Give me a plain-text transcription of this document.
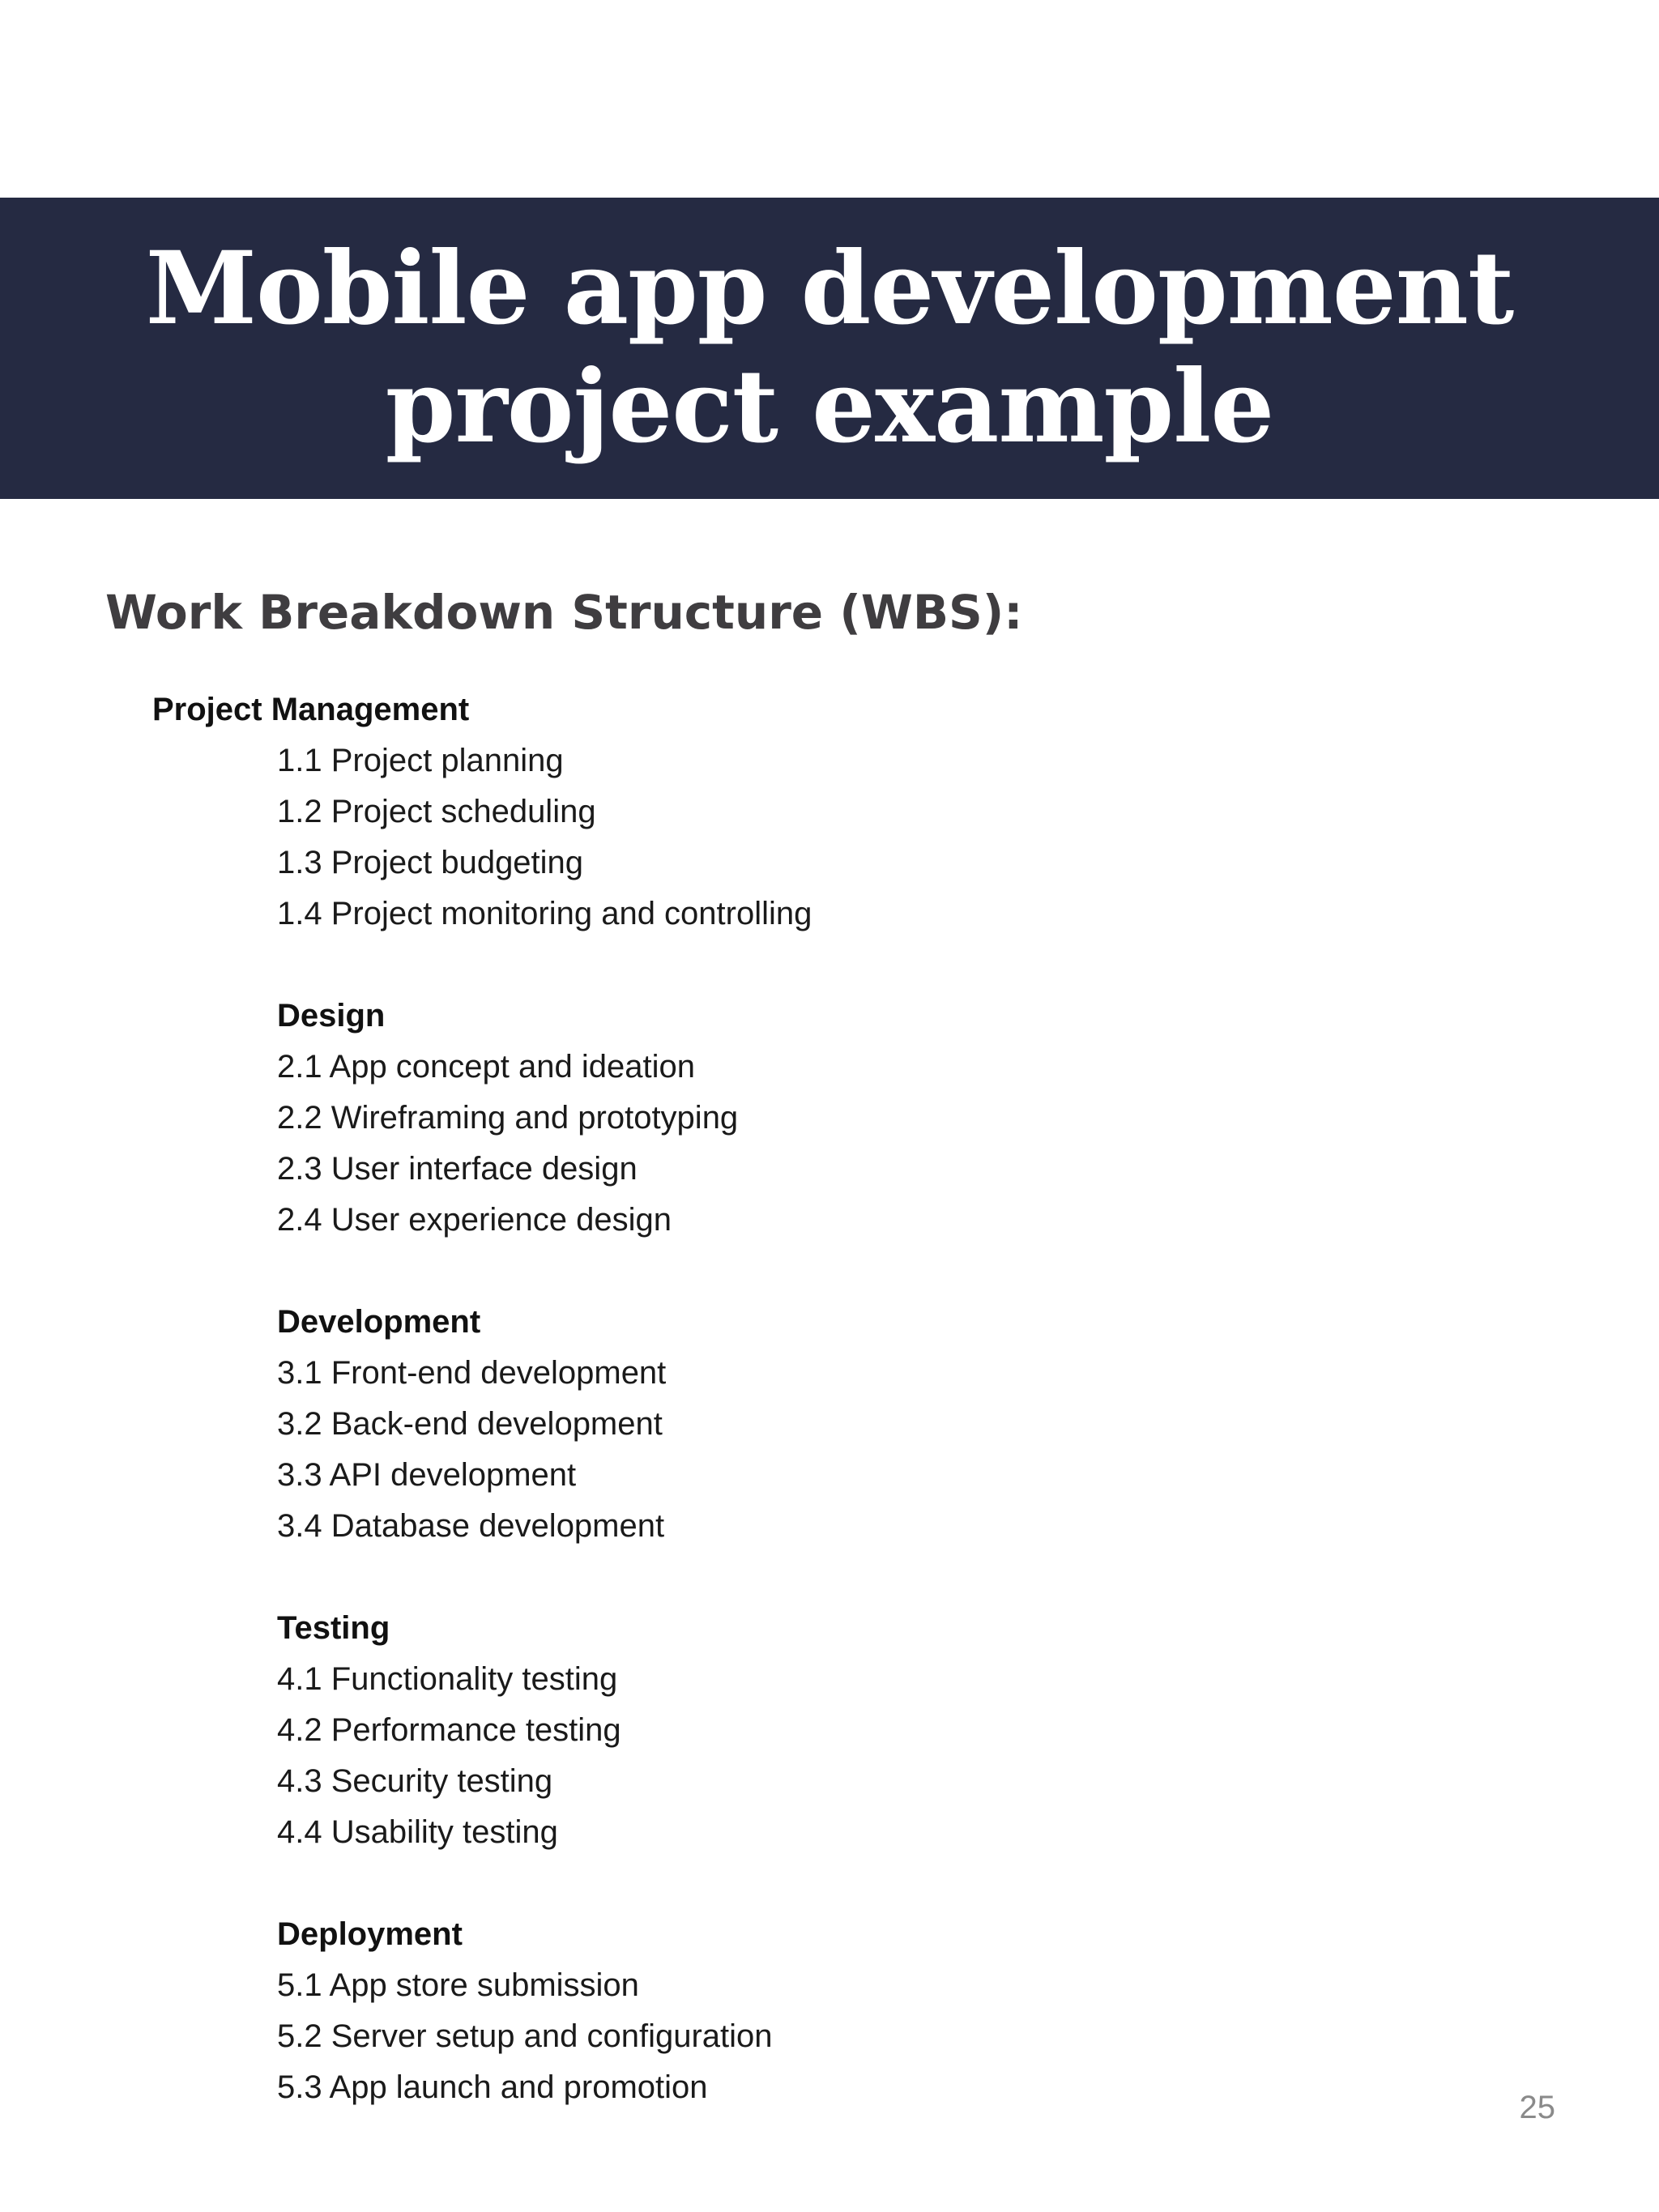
Mobile app development
project example
Work Breakdown Structure (WBS):
Project Management
1.1 Project planning
1.2 Project scheduling
1.3 Project budgeting
1.4 Project monitoring and controlling
Design
2.1 App concept and ideation
2.2 Wireframing and prototyping
2.3 User interface design
2.4 User experience design
Development
3.1 Front-end development
3.2 Back-end development
3.3 API development
3.4 Database development
Testing
4.1 Functionality testing
4.2 Performance testing
4.3 Security testing
4.4 Usability testing
Deployment
5.1 App store submission
5.2 Server setup and configuration
5.3 App launch and promotion
25
